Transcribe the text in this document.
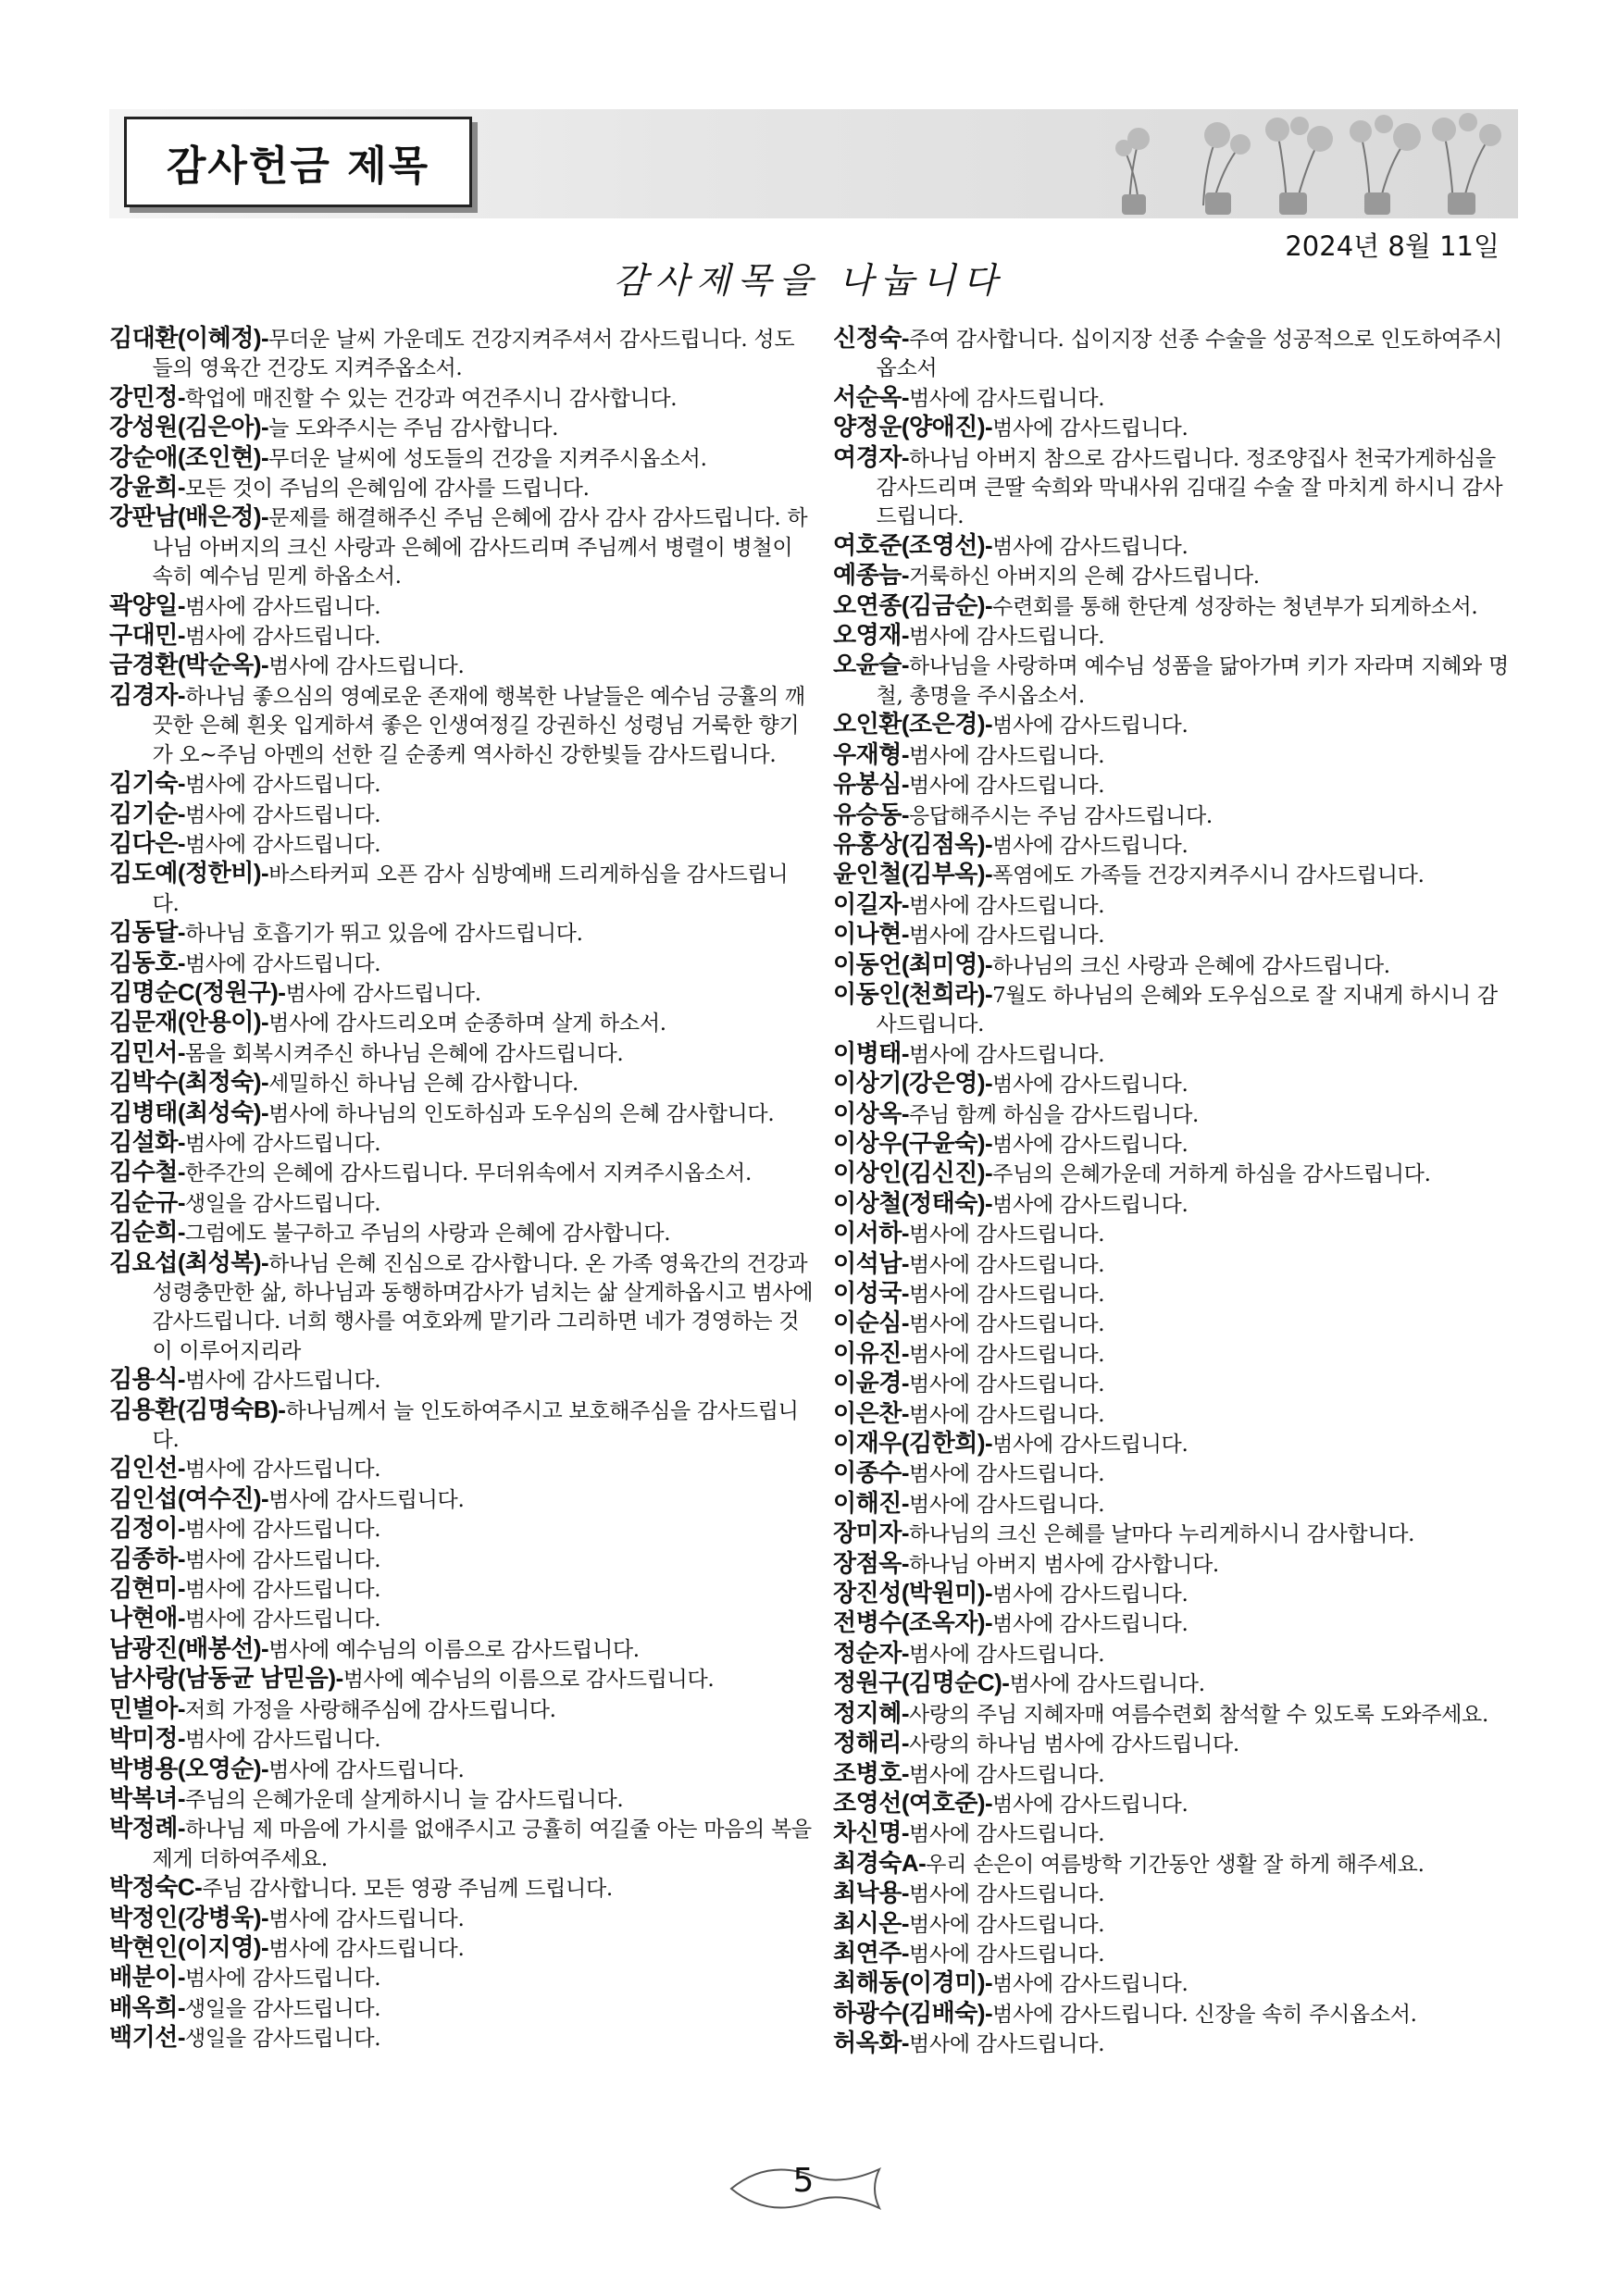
감사헌금 제목
2024년 8월 11일
감사제목을 나눕니다
김대환(이혜정)-무더운 날씨 가운데도 건강지켜주셔서 감사드립니다. 성도들의 영육간 건강도 지켜주옵소서.
강민정-학업에 매진할 수 있는 건강과 여건주시니 감사합니다.
강성원(김은아)-늘 도와주시는 주님 감사합니다.
강순애(조인현)-무더운 날씨에 성도들의 건강을 지켜주시옵소서.
강윤희-모든 것이 주님의 은혜임에 감사를 드립니다.
강판남(배은정)-문제를 해결해주신 주님 은혜에 감사 감사 감사드립니다. 하나님 아버지의 크신 사랑과 은혜에 감사드리며 주님께서 병렬이 병철이 속히 예수님 믿게 하옵소서.
곽양일-범사에 감사드립니다.
구대민-범사에 감사드립니다.
금경환(박순옥)-범사에 감사드립니다.
김경자-하나님 좋으심의 영예로운 존재에 행복한 나날들은 예수님 긍휼의 깨끗한 은혜 흰옷 입게하셔 좋은 인생여정길 강권하신 성령님 거룩한 향기가 오~주님 아멘의 선한 길 순종케 역사하신 강한빛들 감사드립니다.
김기숙-범사에 감사드립니다.
김기순-범사에 감사드립니다.
김다은-범사에 감사드립니다.
김도예(정한비)-바스타커피 오픈 감사 심방예배 드리게하심을 감사드립니다.
김동달-하나님 호흡기가 뛰고 있음에 감사드립니다.
김동호-범사에 감사드립니다.
김명순C(정원구)-범사에 감사드립니다.
김문재(안용이)-범사에 감사드리오며 순종하며 살게 하소서.
김민서-몸을 회복시켜주신 하나님 은혜에 감사드립니다.
김박수(최정숙)-세밀하신 하나님 은혜 감사합니다.
김병태(최성숙)-범사에 하나님의 인도하심과 도우심의 은혜 감사합니다.
김설화-범사에 감사드립니다.
김수철-한주간의 은혜에 감사드립니다. 무더위속에서 지켜주시옵소서.
김순규-생일을 감사드립니다.
김순희-그럼에도 불구하고 주님의 사랑과 은혜에 감사합니다.
김요섭(최성복)-하나님 은혜 진심으로 감사합니다. 온 가족 영육간의 건강과 성령충만한 삶, 하나님과 동행하며감사가 넘치는 삶 살게하옵시고 범사에 감사드립니다. 너희 행사를 여호와께 맡기라 그리하면 네가 경영하는 것이 이루어지리라
김용식-범사에 감사드립니다.
김용환(김명숙B)-하나님께서 늘 인도하여주시고 보호해주심을 감사드립니다.
김인선-범사에 감사드립니다.
김인섭(여수진)-범사에 감사드립니다.
김정이-범사에 감사드립니다.
김종하-범사에 감사드립니다.
김현미-범사에 감사드립니다.
나현애-범사에 감사드립니다.
남광진(배봉선)-범사에 예수님의 이름으로 감사드립니다.
남사랑(남동균 남믿음)-범사에 예수님의 이름으로 감사드립니다.
민별아-저희 가정을 사랑해주심에 감사드립니다.
박미정-범사에 감사드립니다.
박병용(오영순)-범사에 감사드립니다.
박복녀-주님의 은혜가운데 살게하시니 늘 감사드립니다.
박정례-하나님 제 마음에 가시를 없애주시고 긍휼히 여길줄 아는 마음의 복을 제게 더하여주세요.
박정숙C-주님 감사합니다. 모든 영광 주님께 드립니다.
박정인(강병욱)-범사에 감사드립니다.
박현인(이지영)-범사에 감사드립니다.
배분이-범사에 감사드립니다.
배옥희-생일을 감사드립니다.
백기선-생일을 감사드립니다.
신정숙-주여 감사합니다. 십이지장 선종 수술을 성공적으로 인도하여주시옵소서
서순옥-범사에 감사드립니다.
양정운(양애진)-범사에 감사드립니다.
여경자-하나님 아버지 참으로 감사드립니다. 정조양집사 천국가게하심을 감사드리며 큰딸 숙희와 막내사위 김대길 수술 잘 마치게 하시니 감사드립니다.
여호준(조영선)-범사에 감사드립니다.
예종늠-거룩하신 아버지의 은혜 감사드립니다.
오연종(김금순)-수련회를 통해 한단계 성장하는 청년부가 되게하소서.
오영재-범사에 감사드립니다.
오윤슬-하나님을 사랑하며 예수님 성품을 닮아가며 키가 자라며 지혜와 명철, 총명을 주시옵소서.
오인환(조은경)-범사에 감사드립니다.
우재형-범사에 감사드립니다.
유봉심-범사에 감사드립니다.
유승동-응답해주시는 주님 감사드립니다.
유홍상(김점옥)-범사에 감사드립니다.
윤인철(김부옥)-폭염에도 가족들 건강지켜주시니 감사드립니다.
이길자-범사에 감사드립니다.
이나현-범사에 감사드립니다.
이동언(최미영)-하나님의 크신 사랑과 은혜에 감사드립니다.
이동인(천희라)-7월도 하나님의 은혜와 도우심으로 잘 지내게 하시니 감사드립니다.
이병태-범사에 감사드립니다.
이상기(강은영)-범사에 감사드립니다.
이상옥-주님 함께 하심을 감사드립니다.
이상우(구윤숙)-범사에 감사드립니다.
이상인(김신진)-주님의 은혜가운데 거하게 하심을 감사드립니다.
이상철(정태숙)-범사에 감사드립니다.
이서하-범사에 감사드립니다.
이석남-범사에 감사드립니다.
이성국-범사에 감사드립니다.
이순심-범사에 감사드립니다.
이유진-범사에 감사드립니다.
이윤경-범사에 감사드립니다.
이은찬-범사에 감사드립니다.
이재우(김한희)-범사에 감사드립니다.
이종수-범사에 감사드립니다.
이해진-범사에 감사드립니다.
장미자-하나님의 크신 은혜를 날마다 누리게하시니 감사합니다.
장점옥-하나님 아버지 범사에 감사합니다.
장진성(박원미)-범사에 감사드립니다.
전병수(조옥자)-범사에 감사드립니다.
정순자-범사에 감사드립니다.
정원구(김명순C)-범사에 감사드립니다.
정지혜-사랑의 주님 지혜자매 여름수련회 참석할 수 있도록 도와주세요.
정해리-사랑의 하나님 범사에 감사드립니다.
조병호-범사에 감사드립니다.
조영선(여호준)-범사에 감사드립니다.
차신명-범사에 감사드립니다.
최경숙A-우리 손은이 여름방학 기간동안 생활 잘 하게 해주세요.
최낙용-범사에 감사드립니다.
최시온-범사에 감사드립니다.
최연주-범사에 감사드립니다.
최해동(이경미)-범사에 감사드립니다.
하광수(김배숙)-범사에 감사드립니다. 신장을 속히 주시옵소서.
허옥화-범사에 감사드립니다.
5
